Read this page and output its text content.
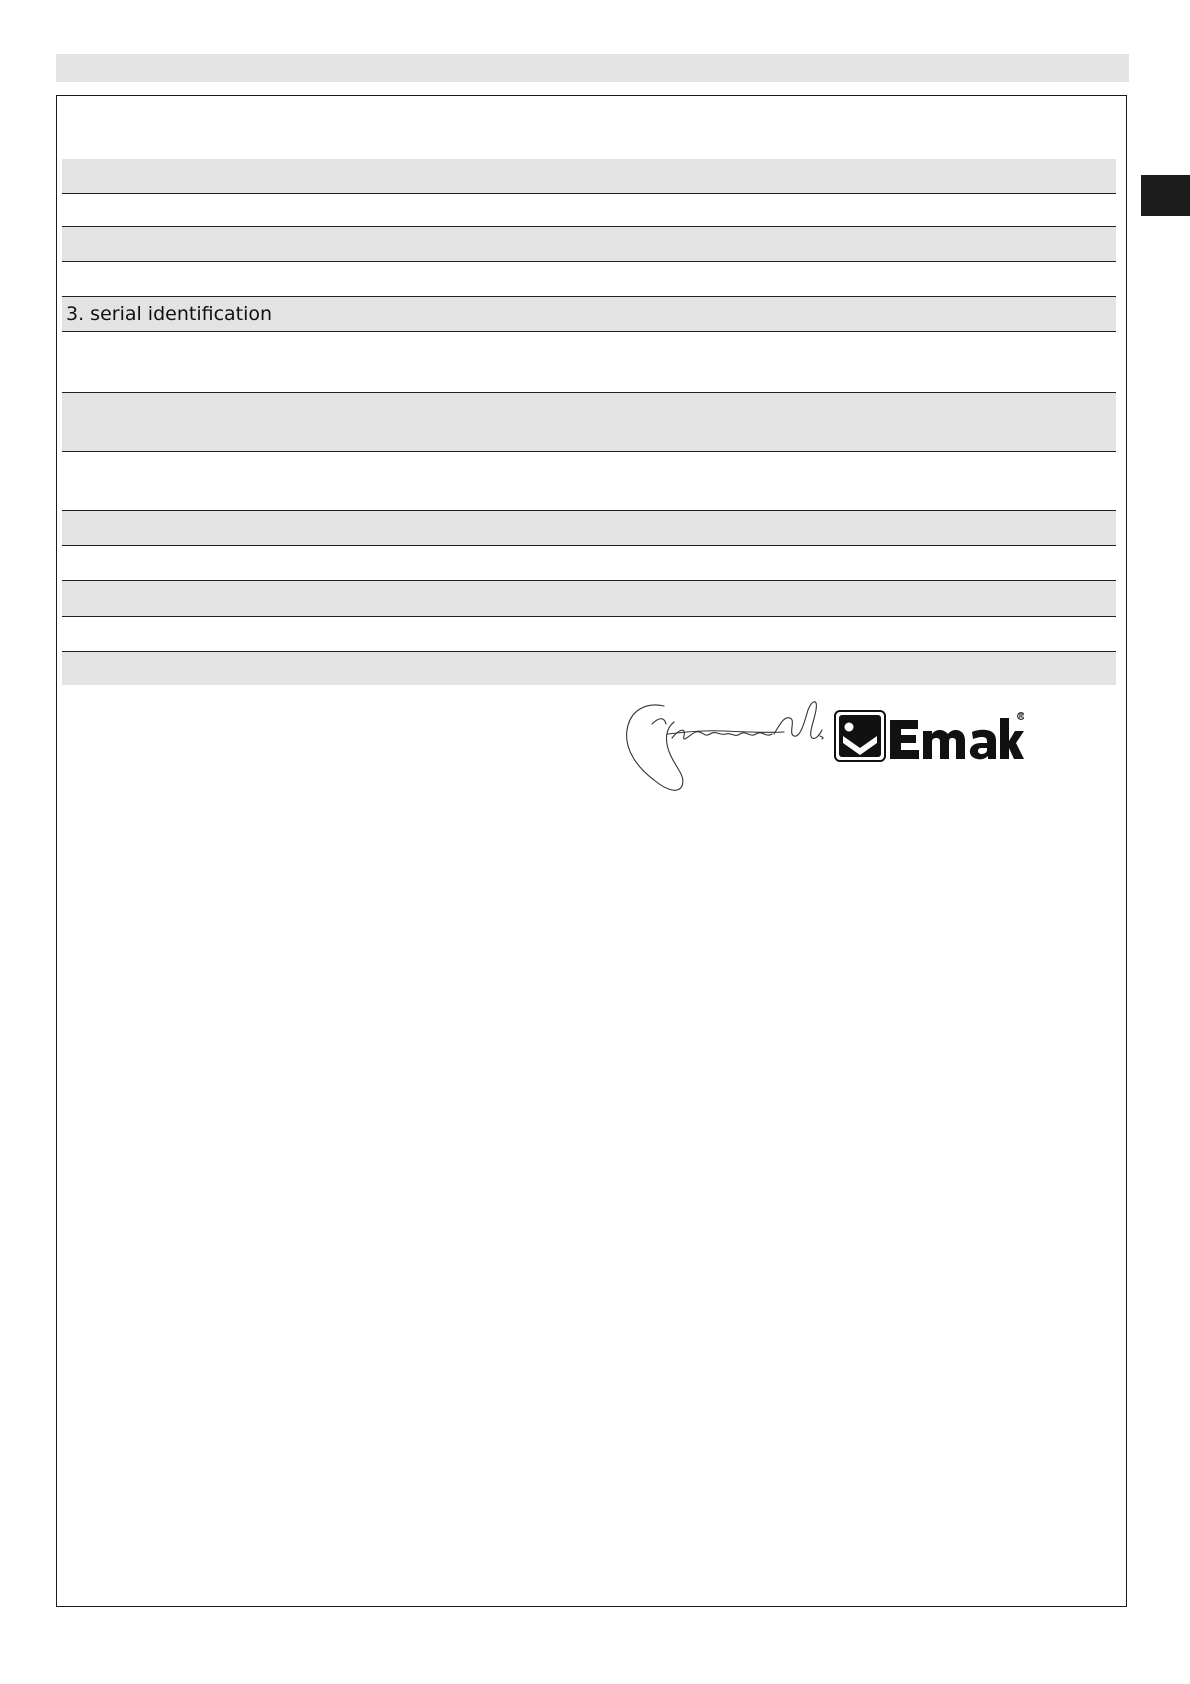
3. serial identification
